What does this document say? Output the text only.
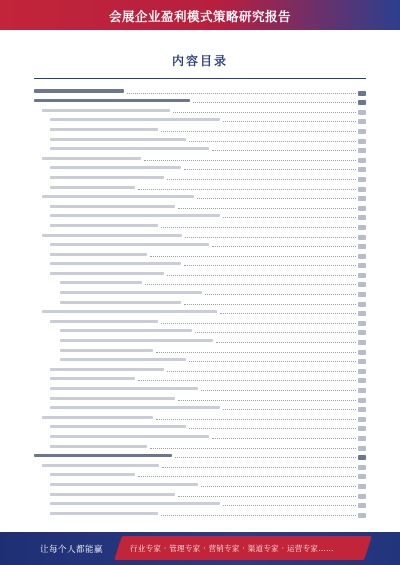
会展企业盈利模式策略研究报告
内容目录
让每个人都能赢	行业专家 · 管理专家 · 营销专家 · 渠道专家 · 运营专家……
